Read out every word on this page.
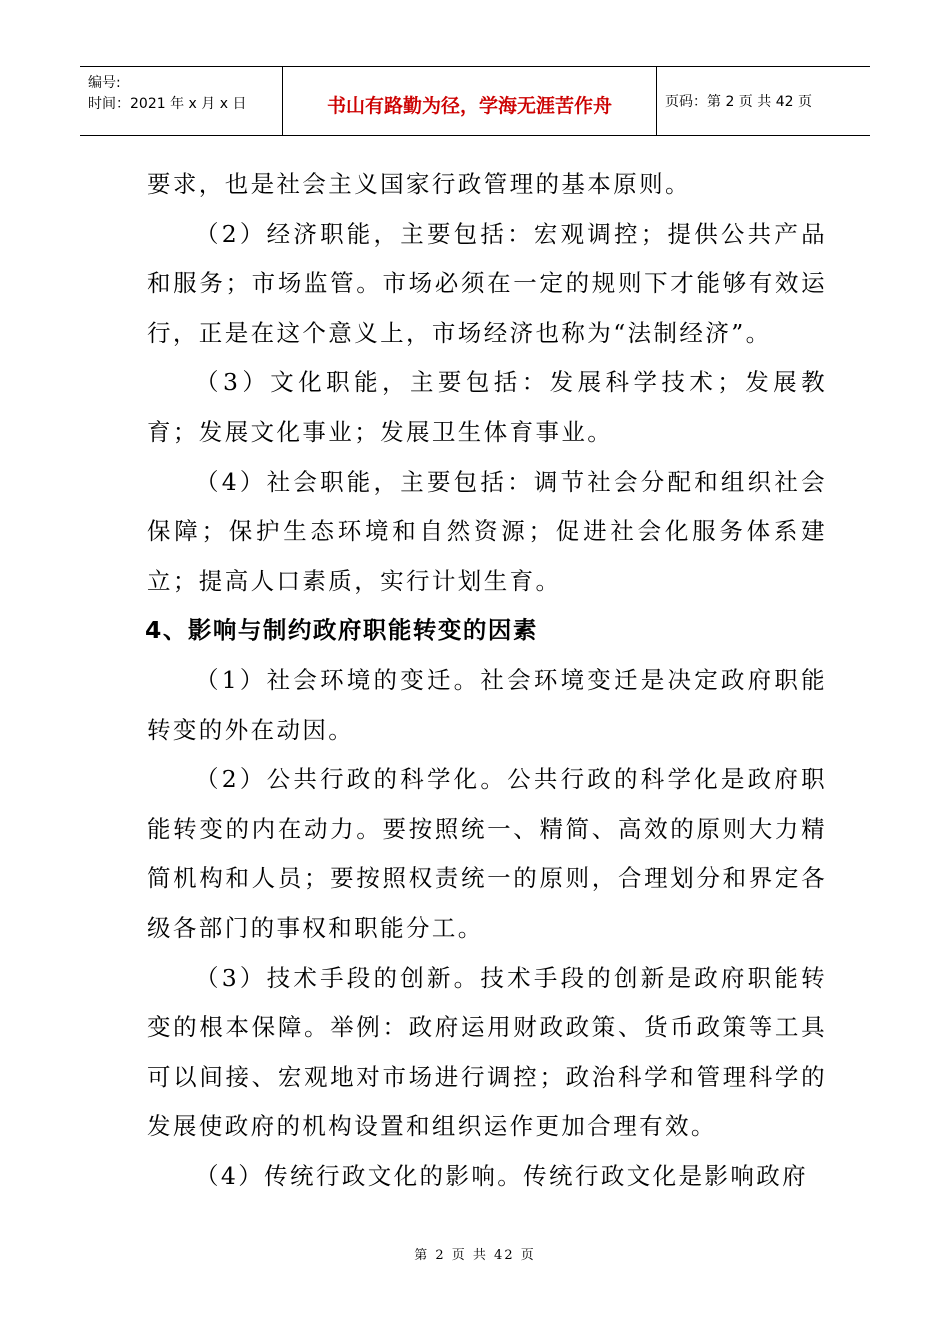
编号:
时间：2021 年 x 月 x 日	书山有路勤为径，学海无涯苦作舟	页码：第 2 页 共 42 页

要求，也是社会主义国家行政管理的基本原则。

（2）经济职能，主要包括：宏观调控；提供公共产品和服务；市场监管。市场必须在一定的规则下才能够有效运行，正是在这个意义上，市场经济也称为“法制经济”。

（3）文化职能，主要包括：发展科学技术；发展教育；发展文化事业；发展卫生体育事业。

（4）社会职能，主要包括：调节社会分配和组织社会保障；保护生态环境和自然资源；促进社会化服务体系建立；提高人口素质，实行计划生育。

4、影响与制约政府职能转变的因素

（1）社会环境的变迁。社会环境变迁是决定政府职能转变的外在动因。

（2）公共行政的科学化。公共行政的科学化是政府职能转变的内在动力。要按照统一、精简、高效的原则大力精简机构和人员；要按照权责统一的原则，合理划分和界定各级各部门的事权和职能分工。

（3）技术手段的创新。技术手段的创新是政府职能转变的根本保障。举例：政府运用财政政策、货币政策等工具可以间接、宏观地对市场进行调控；政治科学和管理科学的发展使政府的机构设置和组织运作更加合理有效。

（4）传统行政文化的影响。传统行政文化是影响政府

第 2 页 共 42 页
